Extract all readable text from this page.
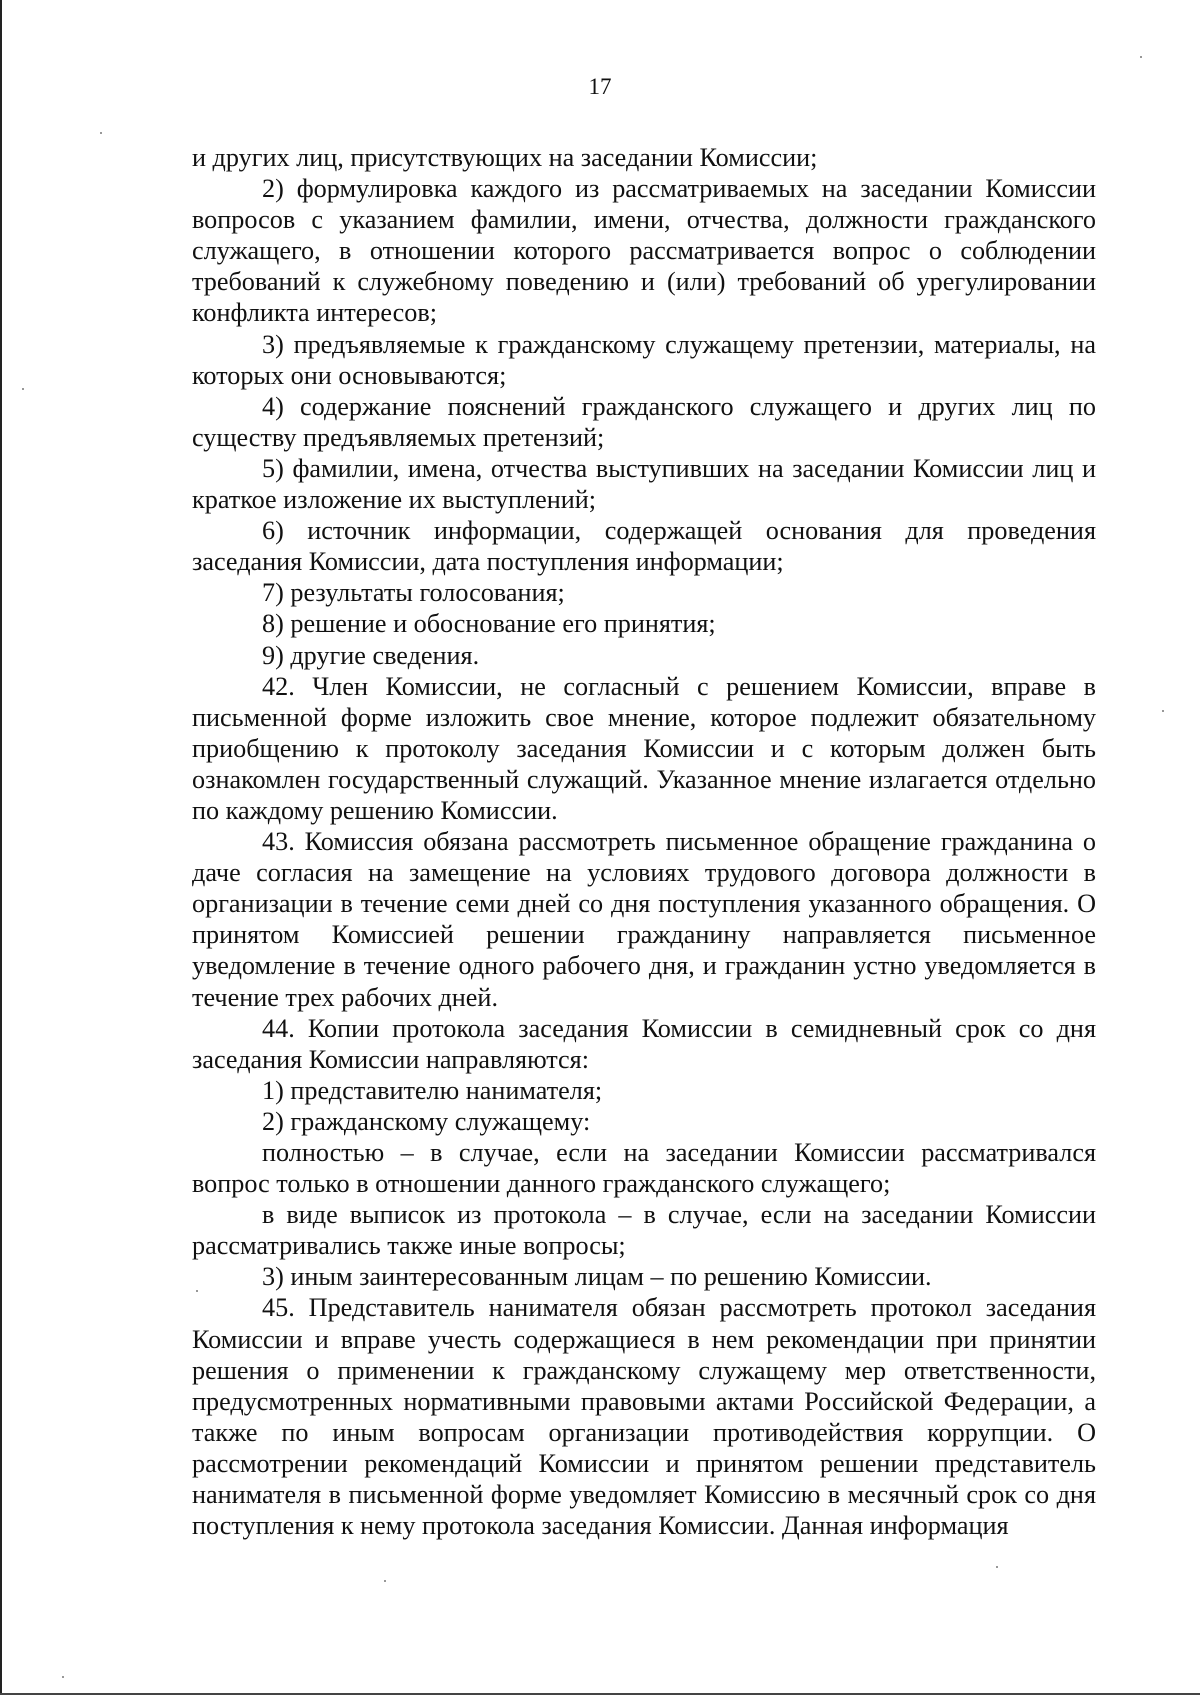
17

и других лиц, присутствующих на заседании Комиссии;

2) формулировка каждого из рассматриваемых на заседании Комиссии вопросов с указанием фамилии, имени, отчества, должности гражданского служащего, в отношении которого рассматривается вопрос о соблюдении требований к служебному поведению и (или) требований об урегулировании конфликта интересов;

3) предъявляемые к гражданскому служащему претензии, материалы, на которых они основываются;

4) содержание пояснений гражданского служащего и других лиц по существу предъявляемых претензий;

5) фамилии, имена, отчества выступивших на заседании Комиссии лиц и краткое изложение их выступлений;

6) источник информации, содержащей основания для проведения заседания Комиссии, дата поступления информации;

7) результаты голосования;

8) решение и обоснование его принятия;

9) другие сведения.

42. Член Комиссии, не согласный с решением Комиссии, вправе в письменной форме изложить свое мнение, которое подлежит обязательному приобщению к протоколу заседания Комиссии и с которым должен быть ознакомлен государственный служащий. Указанное мнение излагается отдельно по каждому решению Комиссии.

43. Комиссия обязана рассмотреть письменное обращение гражданина о даче согласия на замещение на условиях трудового договора должности в организации в течение семи дней со дня поступления указанного обращения. О принятом Комиссией решении гражданину направляется письменное уведомление в течение одного рабочего дня, и гражданин устно уведомляется в течение трех рабочих дней.

44. Копии протокола заседания Комиссии в семидневный срок со дня заседания Комиссии направляются:

1) представителю нанимателя;

2) гражданскому служащему:

полностью – в случае, если на заседании Комиссии рассматривался вопрос только в отношении данного гражданского служащего;

в виде выписок из протокола – в случае, если на заседании Комиссии рассматривались также иные вопросы;

3) иным заинтересованным лицам – по решению Комиссии.

45. Представитель нанимателя обязан рассмотреть протокол заседания Комиссии и вправе учесть содержащиеся в нем рекомендации при принятии решения о применении к гражданскому служащему мер ответственности, предусмотренных нормативными правовыми актами Российской Федерации, а также по иным вопросам организации противодействия коррупции. О рассмотрении рекомендаций Комиссии и принятом решении представитель нанимателя в письменной форме уведомляет Комиссию в месячный срок со дня поступления к нему протокола заседания Комиссии. Данная информация
